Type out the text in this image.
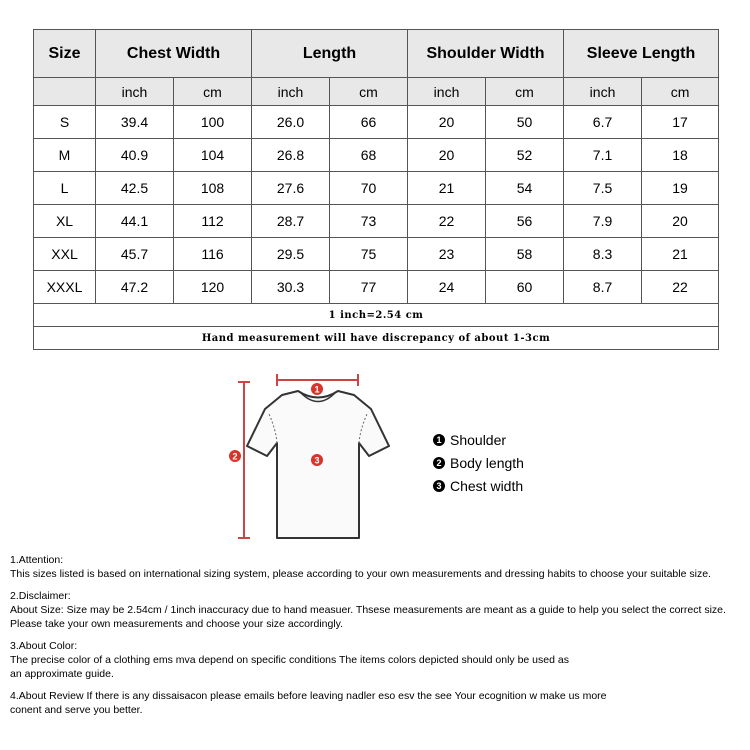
Size	Chest Width		Length		Shoulder Width		Sleeve Length	
	inch	cm	inch	cm	inch	cm	inch	cm
S	39.4	100	26.0	66	20	50	6.7	17
M	40.9	104	26.8	68	20	52	7.1	18
L	42.5	108	27.6	70	21	54	7.5	19
XL	44.1	112	28.7	73	22	56	7.9	20
XXL	45.7	116	29.5	75	23	58	8.3	21
XXXL	47.2	120	30.3	77	24	60	8.7	22
1 inch=2.54 cm								
Hand measurement will have discrepancy of about 1-3cm								
1
2	3
1 Shoulder
2 Body length
3 Chest width

1.Attention:

This sizes listed is based on international sizing system, please according to your own measurements and dressing habits to choose your suitable size.

2.Disclaimer:

About Size: Size may be 2.54cm / 1inch inaccuracy due to hand measuer. Thsese measurements are meant as a guide to help you select the correct size.

Please take your own measurements and choose your size accordingly.

3.About Color:

The precise color of a clothing ems mva depend on specific conditions The items colors depicted should only be used as

an approximate guide.

4.About Review If there is any dissaisacon please emails before leaving nadler eso esv the see Your ecognition w make us more

conent and serve you better.
